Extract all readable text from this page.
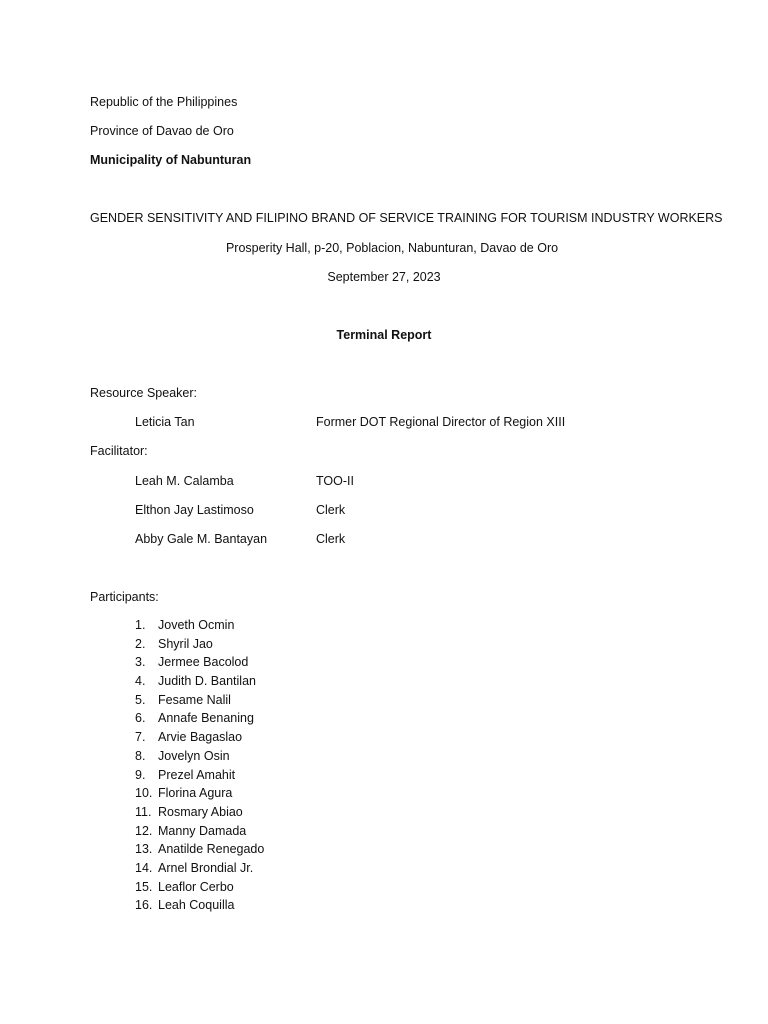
Republic of the Philippines
Province of Davao de Oro
Municipality of Nabunturan
GENDER SENSITIVITY AND FILIPINO BRAND OF SERVICE TRAINING FOR TOURISM INDUSTRY WORKERS
Prosperity Hall, p-20, Poblacion, Nabunturan, Davao de Oro
September 27, 2023
Terminal Report
Resource Speaker:
Leticia Tan	Former DOT Regional Director of Region XIII
Facilitator:
Leah M. Calamba	TOO-II
Elthon Jay Lastimoso	Clerk
Abby Gale M. Bantayan	Clerk
Participants:
1. Joveth Ocmin
2. Shyril Jao
3. Jermee Bacolod
4. Judith D. Bantilan
5. Fesame Nalil
6. Annafe Benaning
7. Arvie Bagaslao
8. Jovelyn Osin
9. Prezel Amahit
10. Florina Agura
11. Rosmary Abiao
12. Manny Damada
13. Anatilde Renegado
14. Arnel Brondial Jr.
15. Leaflor Cerbo
16. Leah Coquilla
